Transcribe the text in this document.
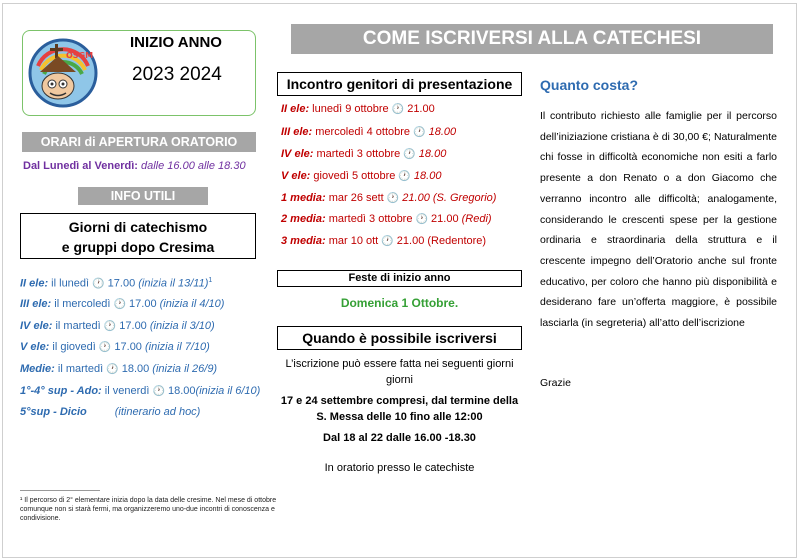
OSGM
INIZIO ANNO
2023 2024
ORARI di APERTURA ORATORIO
Dal Lunedì al Venerdì: dalle 16.00 alle 18.30
INFO UTILI
Giorni di catechismo
e gruppi dopo Cresima
II ele: il lunedì 🕐 17.00 (inizia il 13/11)$^1$
III ele: il mercoledì 🕐 17.00 (inizia il 4/10)
IV ele: il martedì 🕐 17.00 (inizia il 3/10)
V ele: il giovedì 🕐 17.00 (inizia il 7/10)
Medie: il martedì 🕐 18.00 (inizia il 26/9)
1°-4° sup - Ado: il venerdì 🕐 18.00(inizia il 6/10)
5°sup - Dicio	(itinerario ad hoc)
¹ Il percorso di 2° elementare inizia dopo la data delle cresime. Nel mese di ottobre comunque non si starà fermi, ma organizzeremo uno-due incontri di conoscenza e condivisione.
COME ISCRIVERSI ALLA CATECHESI
Incontro genitori di presentazione
II ele: lunedì 9 ottobre 🕐 21.00
III ele: mercoledì 4 ottobre 🕐 18.00
IV ele: martedì 3 ottobre 🕐 18.00
V ele: giovedì 5 ottobre 🕐 18.00
1 media: mar 26 sett 🕐 21.00 (S. Gregorio)
2 media: martedì 3 ottobre 🕐 21.00 (Redi)
3 media: mar 10 ott 🕐 21.00 (Redentore)
Feste di inizio anno
Domenica 1 Ottobre.
Quando è possibile iscriversi
L’iscrizione può essere fatta nei seguenti giorni giorni
17 e 24 settembre compresi, dal termine della S. Messa delle 10 fino alle 12:00
Dal 18 al 22 dalle 16.00 -18.30
In oratorio presso le catechiste
Quanto costa?
Il contributo richiesto alle famiglie per il percorso dell’iniziazione cristiana è di 30,00 €; Naturalmente chi fosse in difficoltà economiche non esiti a farlo presente a don Renato o a don Giacomo che verranno incontro alle difficoltà; analogamente, considerando le crescenti spese per la gestione ordinaria e straordinaria della struttura e il crescente impegno dell’Oratorio anche sul fronte educativo, per coloro che hanno più disponibilità e desiderano fare un’offerta maggiore, è possibile lasciarla (in segreteria) all’atto dell’iscrizione
Grazie
